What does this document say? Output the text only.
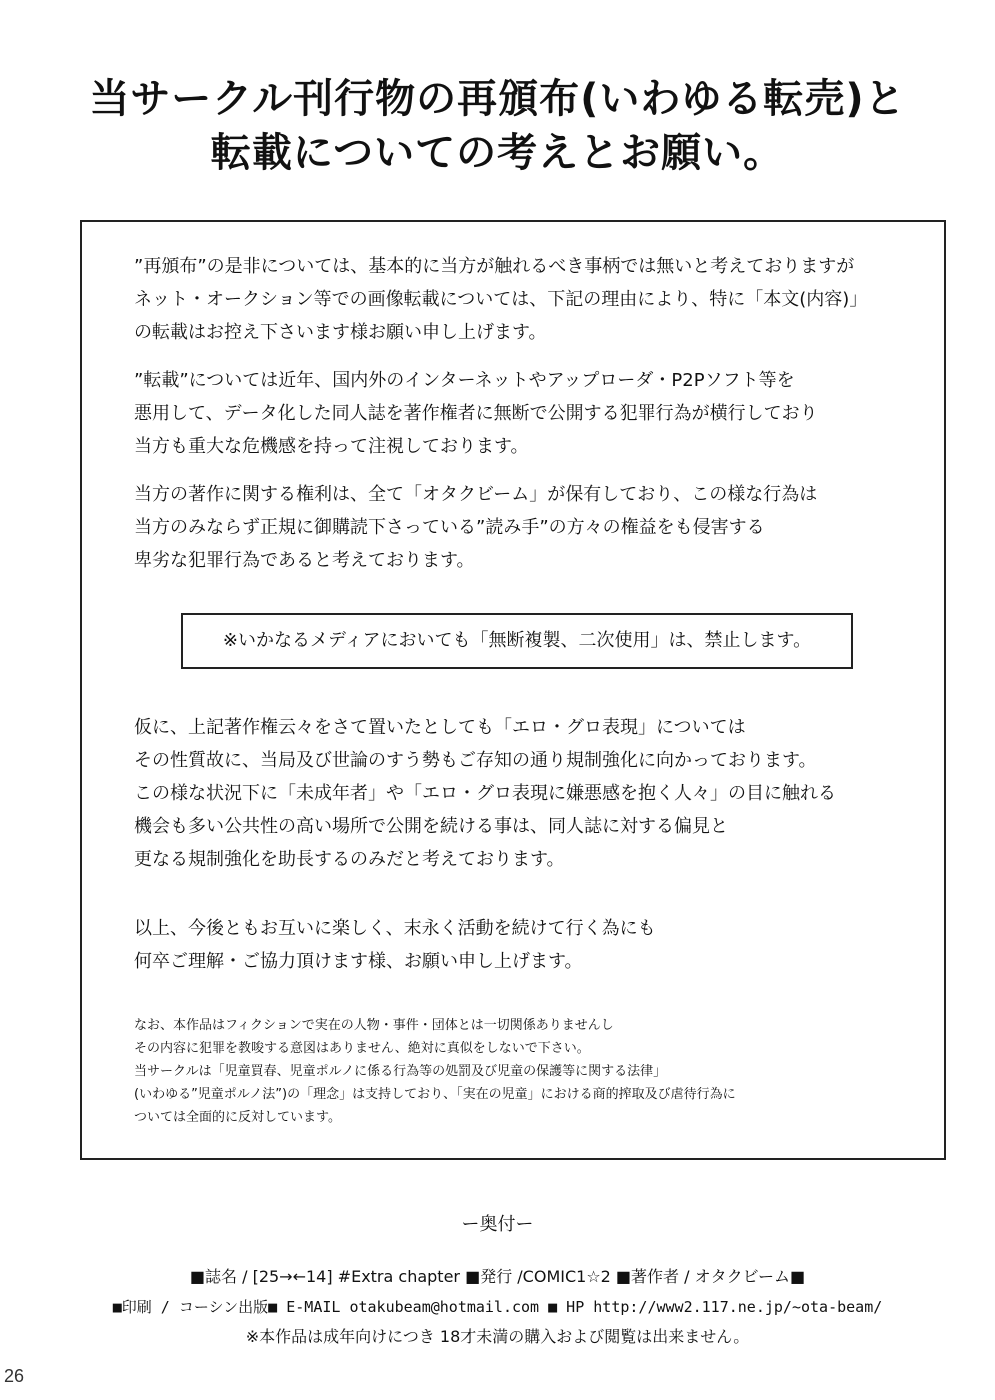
当サークル刊行物の再頒布(いわゆる転売)と
転載についての考えとお願い。
”再頒布”の是非については、基本的に当方が触れるべき事柄では無いと考えておりますが
ネット・オークション等での画像転載については、下記の理由により、特に「本文(内容)」
の転載はお控え下さいます様お願い申し上げます。
”転載”については近年、国内外のインターネットやアップローダ・P2Pソフト等を
悪用して、データ化した同人誌を著作権者に無断で公開する犯罪行為が横行しており
当方も重大な危機感を持って注視しております。
当方の著作に関する権利は、全て「オタクビーム」が保有しており、この様な行為は
当方のみならず正規に御購読下さっている”読み手”の方々の権益をも侵害する
卑劣な犯罪行為であると考えております。
※いかなるメディアにおいても「無断複製、二次使用」は、禁止します。
仮に、上記著作権云々をさて置いたとしても「エロ・グロ表現」については
その性質故に、当局及び世論のすう勢もご存知の通り規制強化に向かっております。
この様な状況下に「未成年者」や「エロ・グロ表現に嫌悪感を抱く人々」の目に触れる
機会も多い公共性の高い場所で公開を続ける事は、同人誌に対する偏見と
更なる規制強化を助長するのみだと考えております。
以上、今後ともお互いに楽しく、末永く活動を続けて行く為にも
何卒ご理解・ご協力頂けます様、お願い申し上げます。
なお、本作品はフィクションで実在の人物・事件・団体とは一切関係ありませんし
その内容に犯罪を教唆する意図はありません、絶対に真似をしないで下さい。
当サークルは「児童買春、児童ポルノに係る行為等の処罰及び児童の保護等に関する法律」
(いわゆる”児童ポルノ法”)の「理念」は支持しており、「実在の児童」における商的搾取及び虐待行為に
ついては全面的に反対しています。
ー奥付ー
■誌名 / [25→←14] #Extra chapter ■発行 /COMIC1☆2 ■著作者 / オタクビーム■
■印刷 / コーシン出版■ E-MAIL otakubeam@hotmail.com ■ HP http://www2.117.ne.jp/~ota-beam/
※本作品は成年向けにつき 18才未満の購入および閲覧は出来ません。
26
